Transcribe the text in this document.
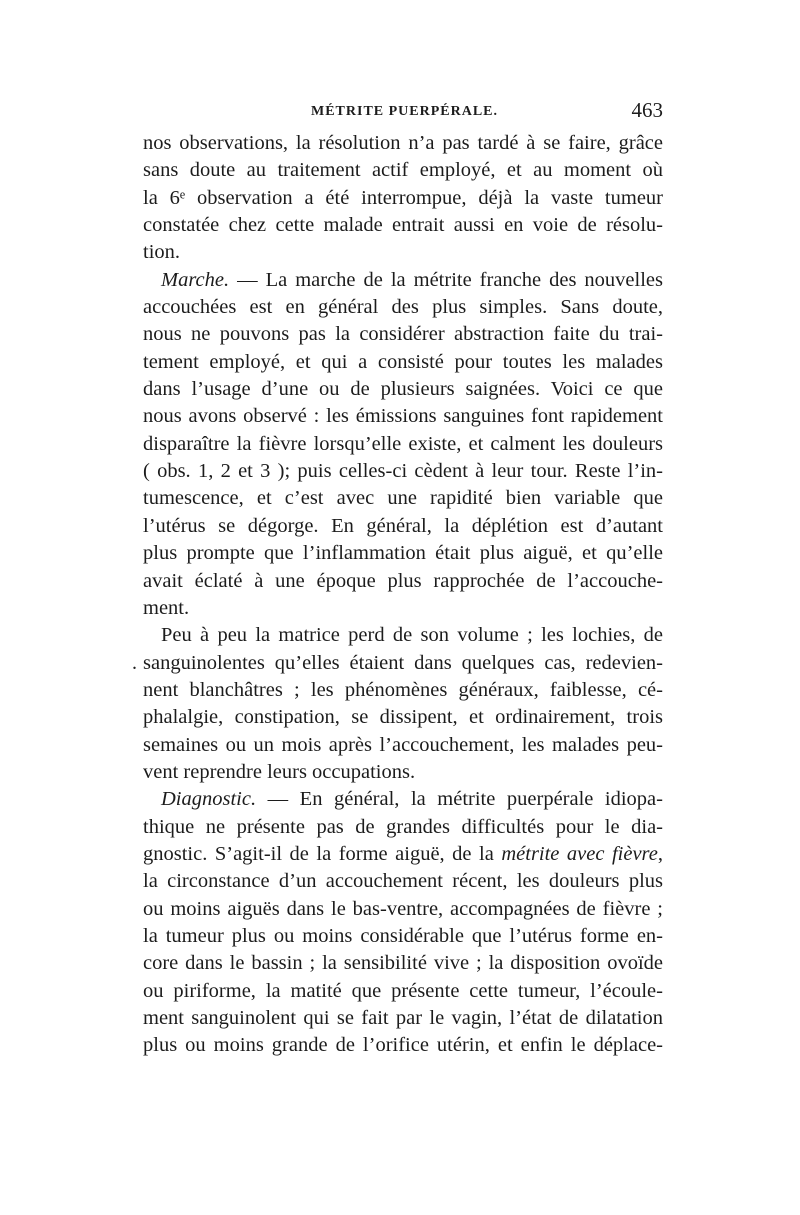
MÉTRITE PUERPÉRALE.	463
nos observations, la résolution n’a pas tardé à se faire, grâce
sans doute au traitement actif employé, et au moment où
la 6ᵉ observation a été interrompue, déjà la vaste tumeur
constatée chez cette malade entrait aussi en voie de résolu-
tion.
Marche. — La marche de la métrite franche des nouvelles
accouchées est en général des plus simples. Sans doute,
nous ne pouvons pas la considérer abstraction faite du trai-
tement employé, et qui a consisté pour toutes les malades
dans l’usage d’une ou de plusieurs saignées. Voici ce que
nous avons observé : les émissions sanguines font rapidement
disparaître la fièvre lorsqu’elle existe, et calment les douleurs
( obs. 1, 2 et 3 ); puis celles-ci cèdent à leur tour. Reste l’in-
tumescence, et c’est avec une rapidité bien variable que
l’utérus se dégorge. En général, la déplétion est d’autant
plus prompte que l’inflammation était plus aiguë, et qu’elle
avait éclaté à une époque plus rapprochée de l’accouche-
ment.
Peu à peu la matrice perd de son volume ; les lochies, de
. sanguinolentes qu’elles étaient dans quelques cas, redevien-
nent blanchâtres ; les phénomènes généraux, faiblesse, cé-
phalalgie, constipation, se dissipent, et ordinairement, trois
semaines ou un mois après l’accouchement, les malades peu-
vent reprendre leurs occupations.
Diagnostic. — En général, la métrite puerpérale idiopa-
thique ne présente pas de grandes difficultés pour le dia-
gnostic. S’agit-il de la forme aiguë, de la métrite avec fièvre,
la circonstance d’un accouchement récent, les douleurs plus
ou moins aiguës dans le bas-ventre, accompagnées de fièvre ;
la tumeur plus ou moins considérable que l’utérus forme en-
core dans le bassin ; la sensibilité vive ; la disposition ovoïde
ou piriforme, la matité que présente cette tumeur, l’écoule-
ment sanguinolent qui se fait par le vagin, l’état de dilatation
plus ou moins grande de l’orifice utérin, et enfin le déplace-
